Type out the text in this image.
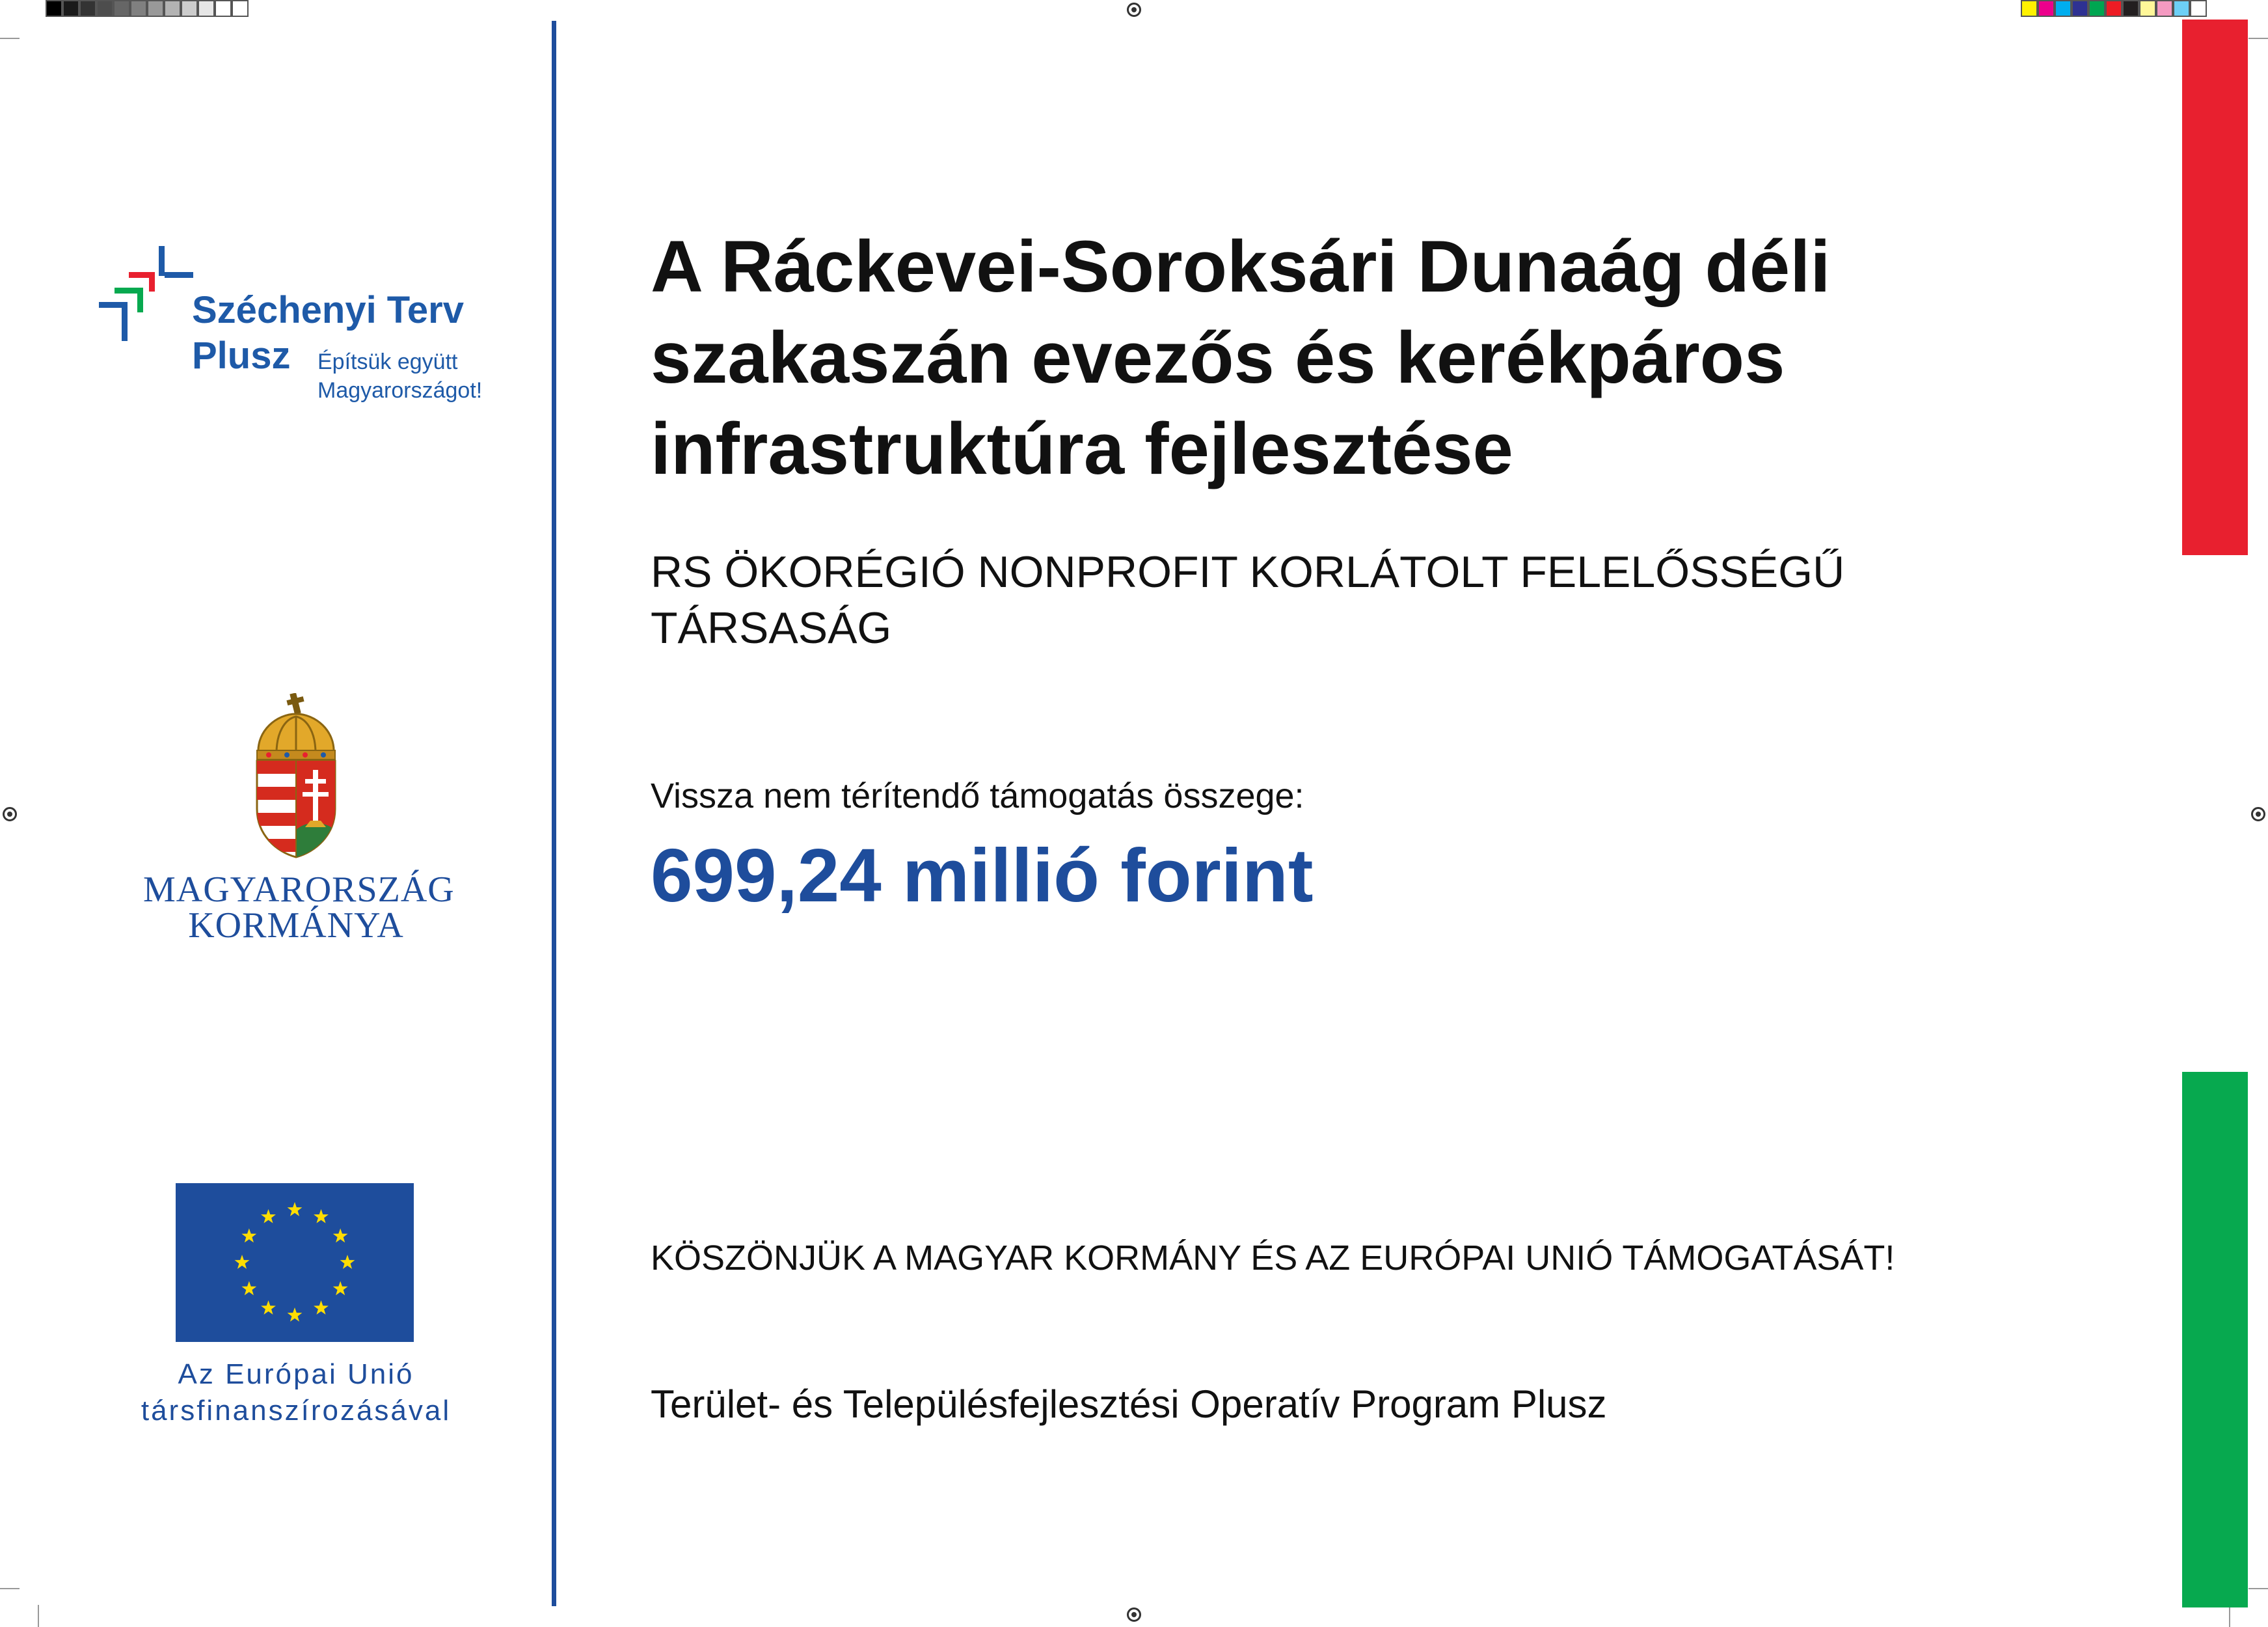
Széchenyi Terv
Plusz Építsük együtt
Magyarországot!
MAGYARORSZÁG
KORMÁNYA
Az Európai Unió
társfinanszírozásával
A Ráckevei-Soroksári Dunaág déli szakaszán evezős és kerékpáros infrastruktúra fejlesztése
RS ÖKORÉGIÓ NONPROFIT KORLÁTOLT FELELŐSSÉGŰ TÁRSASÁG
Vissza nem térítendő támogatás összege:
699,24 millió forint
KÖSZÖNJÜK A MAGYAR KORMÁNY ÉS AZ EURÓPAI UNIÓ TÁMOGATÁSÁT!
Terület- és Településfejlesztési Operatív Program Plusz
